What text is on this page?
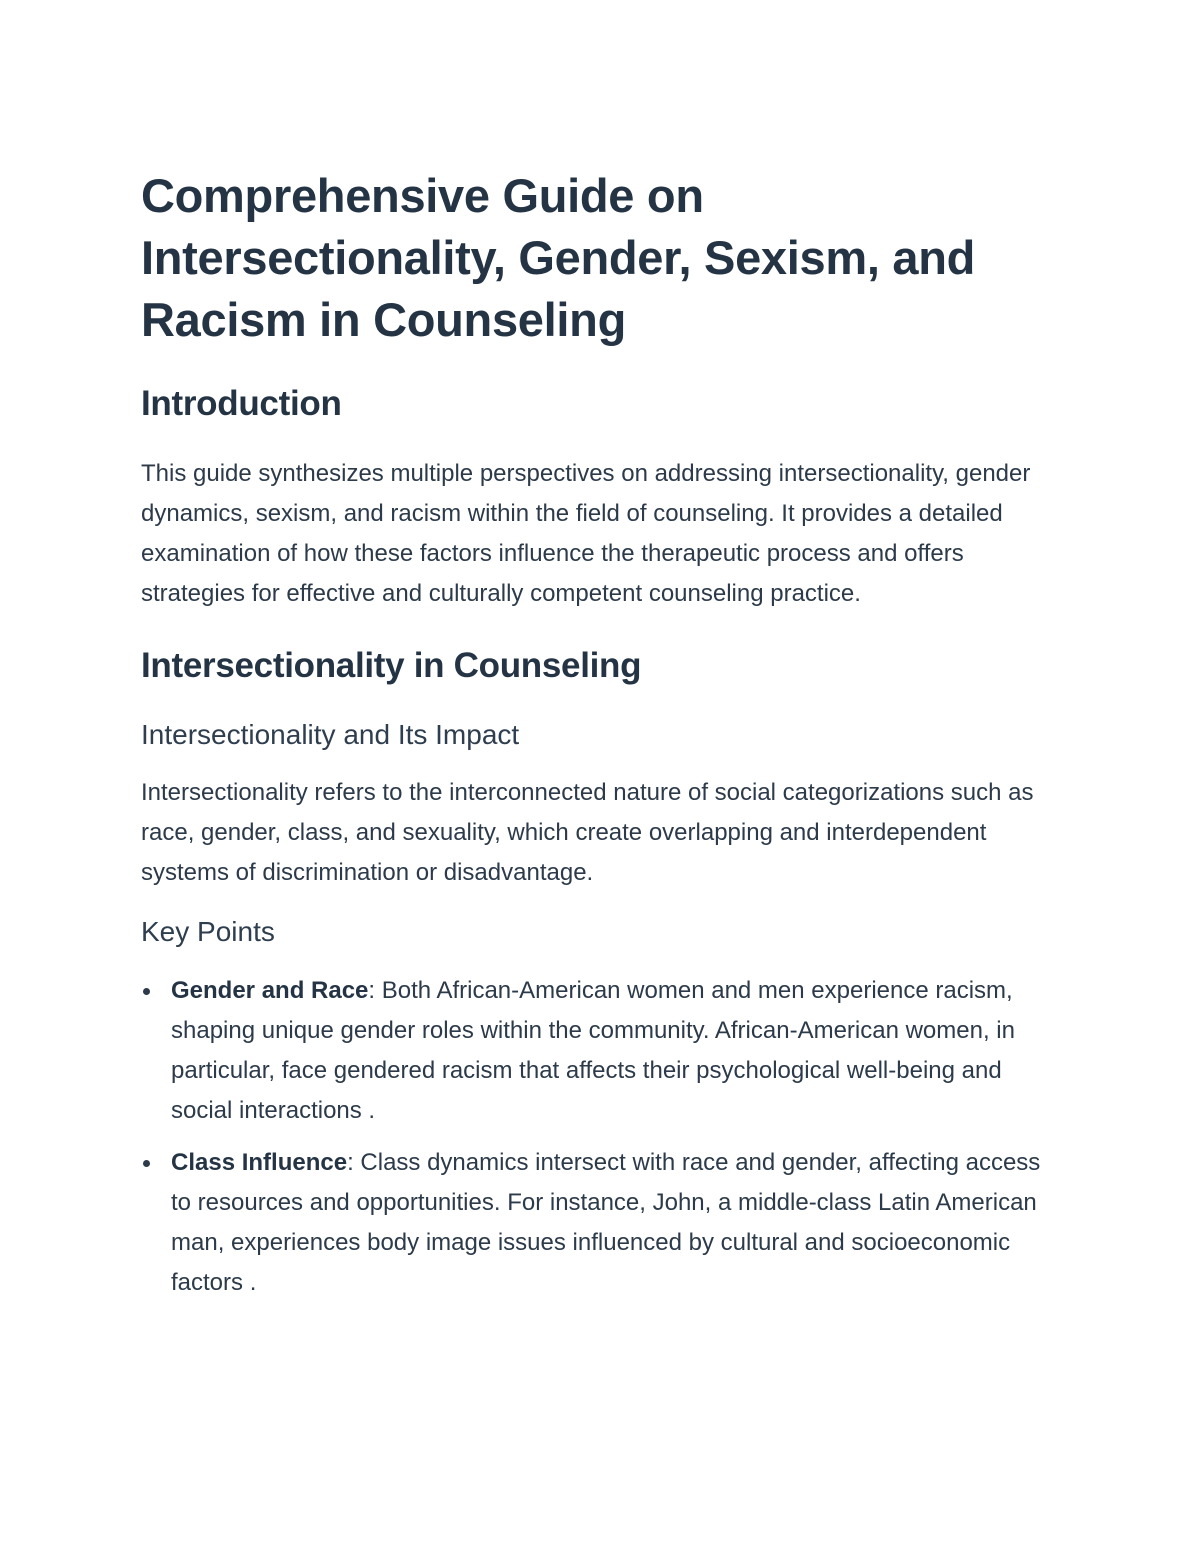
Comprehensive Guide on Intersectionality, Gender, Sexism, and Racism in Counseling
Introduction

This guide synthesizes multiple perspectives on addressing intersectionality, gender dynamics, sexism, and racism within the field of counseling. It provides a detailed examination of how these factors influence the therapeutic process and offers strategies for effective and culturally competent counseling practice.

Intersectionality in Counseling
Intersectionality and Its Impact

Intersectionality refers to the interconnected nature of social categorizations such as race, gender, class, and sexuality, which create overlapping and interdependent systems of discrimination or disadvantage.

Key Points
Gender and Race: Both African-American women and men experience racism, shaping unique gender roles within the community. African-American women, in particular, face gendered racism that affects their psychological well-being and social interactions .
Class Influence: Class dynamics intersect with race and gender, affecting access to resources and opportunities. For instance, John, a middle-class Latin American man, experiences body image issues influenced by cultural and socioeconomic factors .
